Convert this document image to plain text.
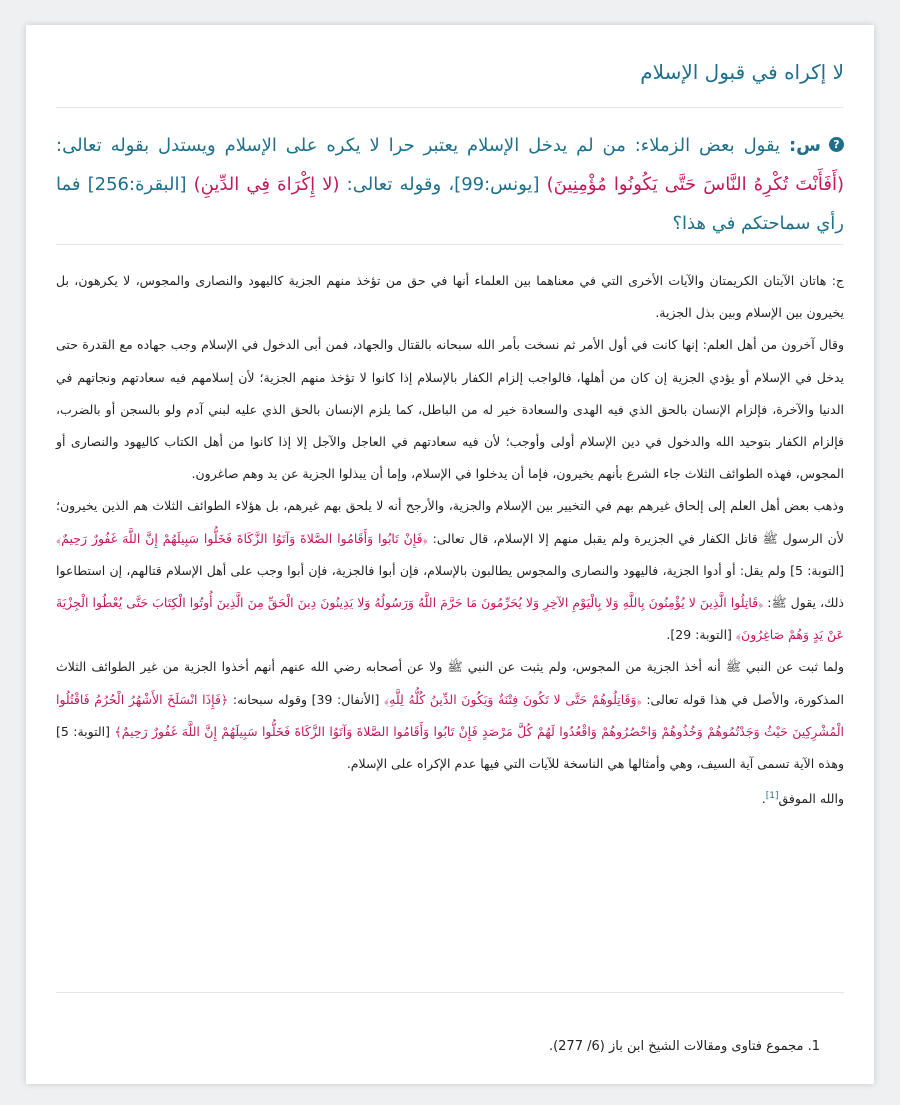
لا إكراه في قبول الإسلام
?س: يقول بعض الزملاء: من لم يدخل الإسلام يعتبر حرا لا يكره على الإسلام ويستدل بقوله تعالى: (أَفَأَنْتَ تُكْرِهُ النَّاسَ حَتَّى يَكُونُوا مُؤْمِنِينَ) [يونس:99]، وقوله تعالى: (لا إِكْرَاهَ فِي الدِّينِ) [البقرة:256] فما رأي سماحتكم في هذا؟

ج: هاتان الآيتان الكريمتان والآيات الأخرى التي في معناهما بين العلماء أنها في حق من تؤخذ منهم الجزية كاليهود والنصارى والمجوس، لا يكرهون، بل يخيرون بين الإسلام وبين بذل الجزية.

وقال آخرون من أهل العلم: إنها كانت في أول الأمر ثم نسخت بأمر الله سبحانه بالقتال والجهاد، فمن أبى الدخول في الإسلام وجب جهاده مع القدرة حتى يدخل في الإسلام أو يؤدي الجزية إن كان من أهلها، فالواجب إلزام الكفار بالإسلام إذا كانوا لا تؤخذ منهم الجزية؛ لأن إسلامهم فيه سعادتهم ونجاتهم في الدنيا والآخرة، فإلزام الإنسان بالحق الذي فيه الهدى والسعادة خير له من الباطل، كما يلزم الإنسان بالحق الذي عليه لبني آدم ولو بالسجن أو بالضرب، فإلزام الكفار بتوحيد الله والدخول في دين الإسلام أولى وأوجب؛ لأن فيه سعادتهم في العاجل والآجل إلا إذا كانوا من أهل الكتاب كاليهود والنصارى أو المجوس، فهذه الطوائف الثلاث جاء الشرع بأنهم يخيرون، فإما أن يدخلوا في الإسلام، وإما أن يبذلوا الجزية عن يد وهم صاغرون.

وذهب بعض أهل العلم إلى إلحاق غيرهم بهم في التخيير بين الإسلام والجزية، والأرجح أنه لا يلحق بهم غيرهم، بل هؤلاء الطوائف الثلاث هم الذين يخيرون؛ لأن الرسول ﷺ قاتل الكفار في الجزيرة ولم يقبل منهم إلا الإسلام، قال تعالى: ﴿فَإِنْ تَابُوا وَأَقَامُوا الصَّلاةَ وَآتَوُا الزَّكَاةَ فَخَلُّوا سَبِيلَهُمْ إِنَّ اللَّهَ غَفُورٌ رَحِيمٌ﴾ [التوبة: 5] ولم يقل: أو أدوا الجزية، فاليهود والنصارى والمجوس يطالبون بالإسلام، فإن أبوا فالجزية، فإن أبوا وجب على أهل الإسلام قتالهم، إن استطاعوا ذلك، يقول ﷺ: ﴿قَاتِلُوا الَّذِينَ لا يُؤْمِنُونَ بِاللَّهِ وَلا بِالْيَوْمِ الآخِرِ وَلا يُحَرِّمُونَ مَا حَرَّمَ اللَّهُ وَرَسُولُهُ وَلا يَدِينُونَ دِينَ الْحَقِّ مِنَ الَّذِينَ أُوتُوا الْكِتَابَ حَتَّى يُعْطُوا الْجِزْيَةَ عَنْ يَدٍ وَهُمْ صَاغِرُونَ﴾ [التوبة: 29].

ولما ثبت عن النبي ﷺ أنه أخذ الجزية من المجوس، ولم يثبت عن النبي ﷺ ولا عن أصحابه رضي الله عنهم أنهم أخذوا الجزية من غير الطوائف الثلاث المذكورة، والأصل في هذا قوله تعالى: ﴿وَقَاتِلُوهُمْ حَتَّى لا تَكُونَ فِتْنَةٌ وَيَكُونَ الدِّينُ كُلُّهُ لِلَّهِ﴾ [الأنفال: 39] وقوله سبحانه: ﴿فَإِذَا انْسَلَخَ الأَشْهُرُ الْحُرُمُ فَاقْتُلُوا الْمُشْرِكِينَ حَيْثُ وَجَدْتُمُوهُمْ وَخُذُوهُمْ وَاحْصُرُوهُمْ وَاقْعُدُوا لَهُمْ كُلَّ مَرْصَدٍ فَإِنْ تَابُوا وَأَقَامُوا الصَّلاةَ وَآتَوُا الزَّكَاةَ فَخَلُّوا سَبِيلَهُمْ إِنَّ اللَّهَ غَفُورٌ رَحِيمٌ﴾ [التوبة: 5] وهذه الآية تسمى آية السيف، وهي وأمثالها هي الناسخة للآيات التي فيها عدم الإكراه على الإسلام.

والله الموفق[1].

1. مجموع فتاوى ومقالات الشيخ ابن باز (6/ 277).
